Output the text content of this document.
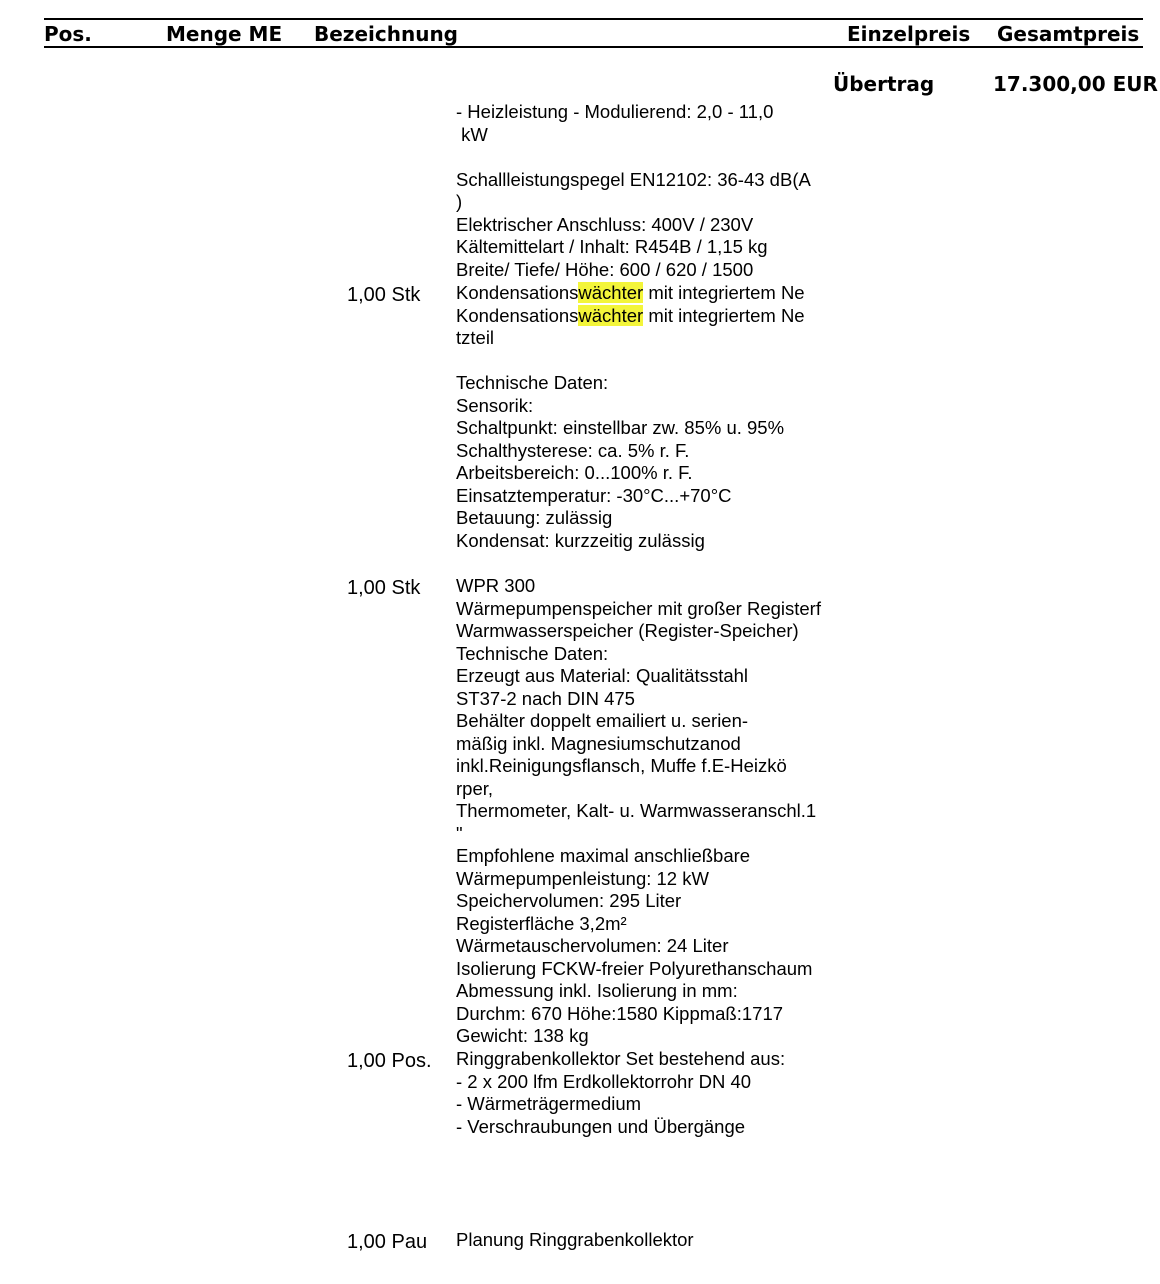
Pos.	Menge ME Bezeichnung	Einzelpreis Gesamtpreis
Übertrag	17.300,00 EUR
- Heizleistung - Modulierend: 2,0 - 11,0
kW
Schallleistungspegel EN12102: 36-43 dB(A
)
Elektrischer Anschluss: 400V / 230V
Kältemittelart / Inhalt: R454B / 1,15 kg
Breite/ Tiefe/ Höhe: 600 / 620 / 1500
1,00 Stk Kondensationswächter mit integriertem Ne
Kondensationswächter mit integriertem Ne
tzteil
Technische Daten:
Sensorik:
Schaltpunkt: einstellbar zw. 85% u. 95%
Schalthysterese: ca. 5% r. F.
Arbeitsbereich: 0...100% r. F.
Einsatztemperatur: -30°C...+70°C
Betauung: zulässig
Kondensat: kurzzeitig zulässig
1,00 Stk WPR 300
Wärmepumpenspeicher mit großer Registerf
Warmwasserspeicher (Register-Speicher)
Technische Daten:
Erzeugt aus Material: Qualitätsstahl
ST37-2 nach DIN 475
Behälter doppelt emailiert u. serien-
mäßig inkl. Magnesiumschutzanod
inkl.Reinigungsflansch, Muffe f.E-Heizkö
rper,
Thermometer, Kalt- u. Warmwasseranschl.1
"
Empfohlene maximal anschließbare
Wärmepumpenleistung: 12 kW
Speichervolumen: 295 Liter
Registerfläche 3,2m²
Wärmetauschervolumen: 24 Liter
Isolierung FCKW-freier Polyurethanschaum
Abmessung inkl. Isolierung in mm:
Durchm: 670 Höhe:1580 Kippmaß:1717
Gewicht: 138 kg
1,00 Pos. Ringgrabenkollektor Set bestehend aus:
- 2 x 200 lfm Erdkollektorrohr DN 40
- Wärmeträgermedium
- Verschraubungen und Übergänge
1,00 Pau Planung Ringgrabenkollektor
